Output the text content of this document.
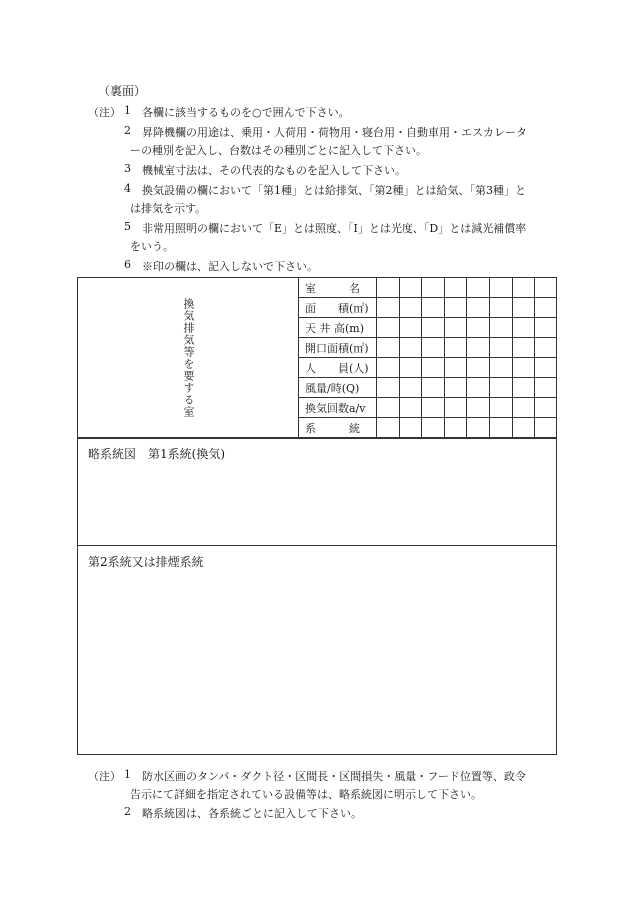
（裏面）
（注） 1 各欄に該当するものを○で囲んで下さい。
2 昇降機欄の用途は、乗用・人荷用・荷物用・寝台用・自動車用・エスカレータ
ーの種別を記入し、台数はその種別ごとに記入して下さい。
3 機械室寸法は、その代表的なものを記入して下さい。
4 換気設備の欄において「第1種」とは給排気、「第2種」とは給気、「第3種」と
は排気を示す。
5 非常用照明の欄において「E」とは照度、「I」とは光度、「D」とは減光補償率
をいう。
6 ※印の欄は、記入しないで下さい。
換気排気等を要する室	室　　　名								
	面　　積(㎡)								
	天 井 高(m)								
	開口面積(㎡)								
	人　　員(人)								
	風量/時(Q)								
	換気回数a/v								
	系　　　統								
略系統図　第1系統(換気)
第2系統又は排煙系統
（注） 1 防水区画のタンパ・ダクト径・区間長・区間損失・風量・フード位置等、政令
告示にて詳細を指定されている設備等は、略系統図に明示して下さい。
2 略系統図は、各系統ごとに記入して下さい。
